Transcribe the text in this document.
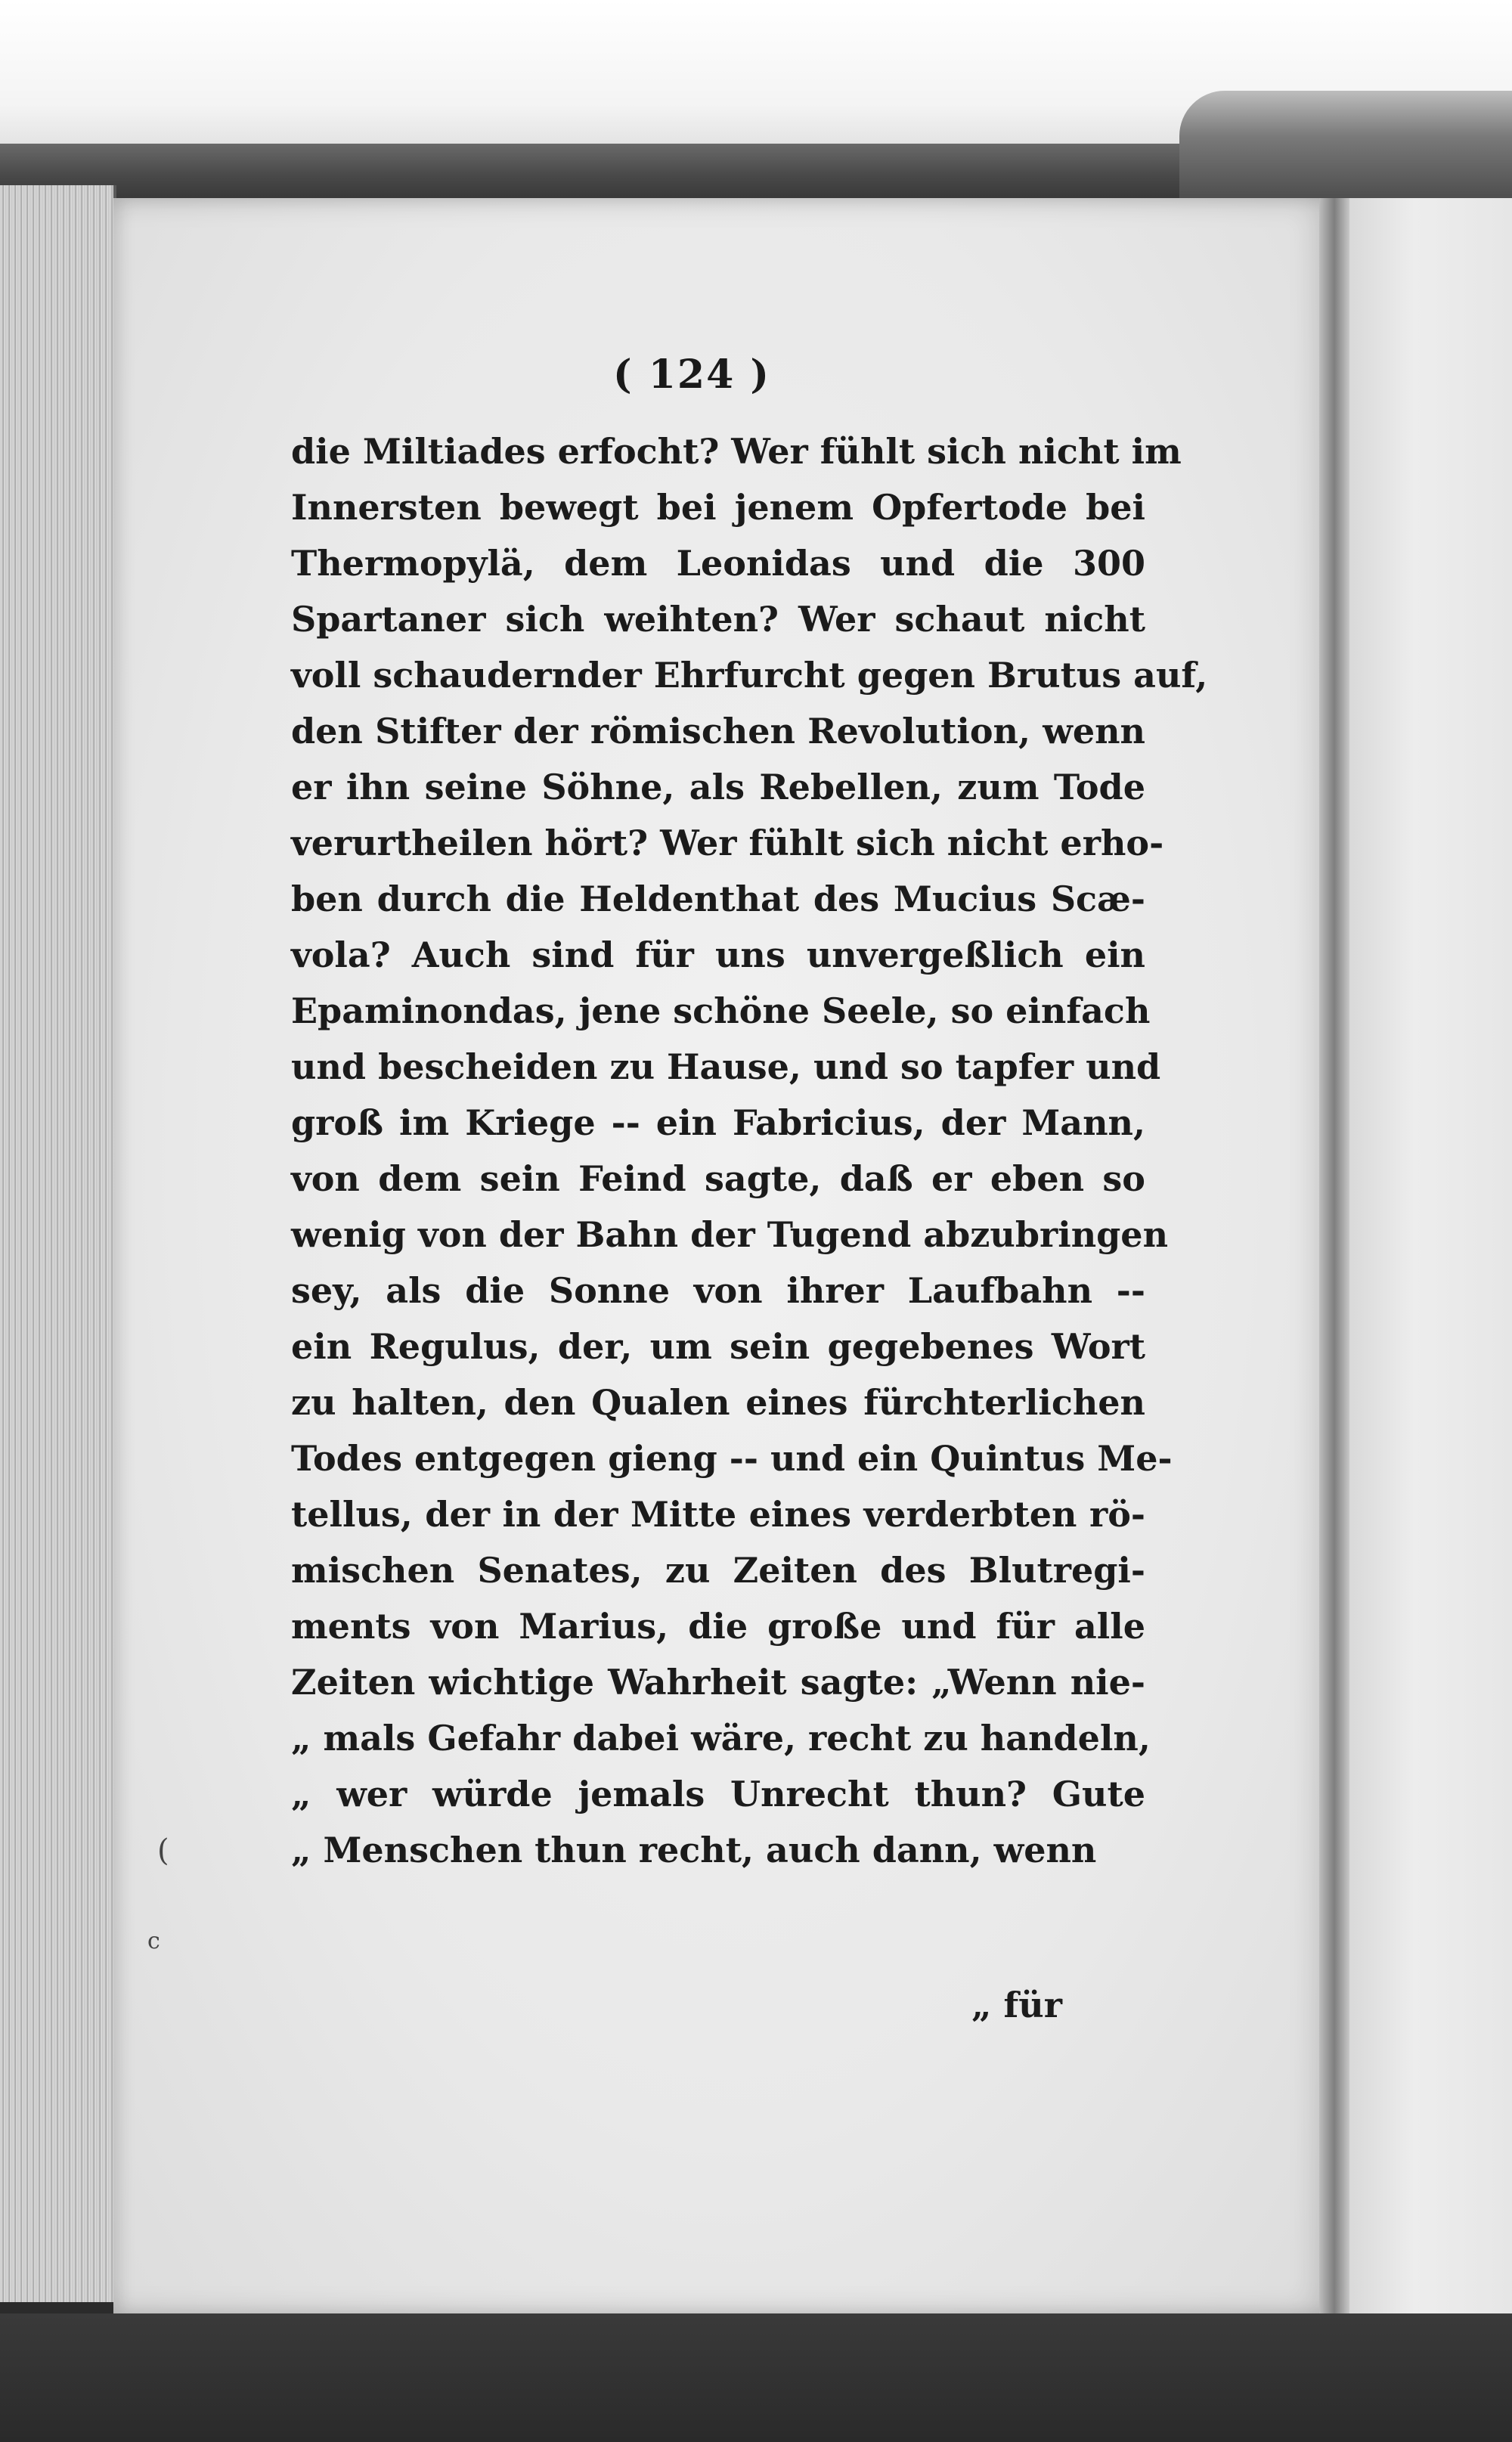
( 124 )
die Miltiades erfocht? Wer fühlt sich nicht im
Innersten bewegt bei jenem Opfertode bei
Thermopylä, dem Leonidas und die 300
Spartaner sich weihten? Wer schaut nicht
voll schaudernder Ehrfurcht gegen Brutus auf,
den Stifter der römischen Revolution, wenn
er ihn seine Söhne, als Rebellen, zum Tode
verurtheilen hört? Wer fühlt sich nicht erho-
ben durch die Heldenthat des Mucius Scæ-
vola? Auch sind für uns unvergeßlich ein
Epaminondas, jene schöne Seele, so einfach
und bescheiden zu Hause, und so tapfer und
groß im Kriege -- ein Fabricius, der Mann,
von dem sein Feind sagte, daß er eben so
wenig von der Bahn der Tugend abzubringen
sey, als die Sonne von ihrer Laufbahn --
ein Regulus, der, um sein gegebenes Wort
zu halten, den Qualen eines fürchterlichen
Todes entgegen gieng -- und ein Quintus Me-
tellus, der in der Mitte eines verderbten rö-
mischen Senates, zu Zeiten des Blutregi-
ments von Marius, die große und für alle
Zeiten wichtige Wahrheit sagte: „Wenn nie-
„ mals Gefahr dabei wäre, recht zu handeln,
„ wer würde jemals Unrecht thun? Gute
„ Menschen thun recht, auch dann, wenn
„ für
(
c
